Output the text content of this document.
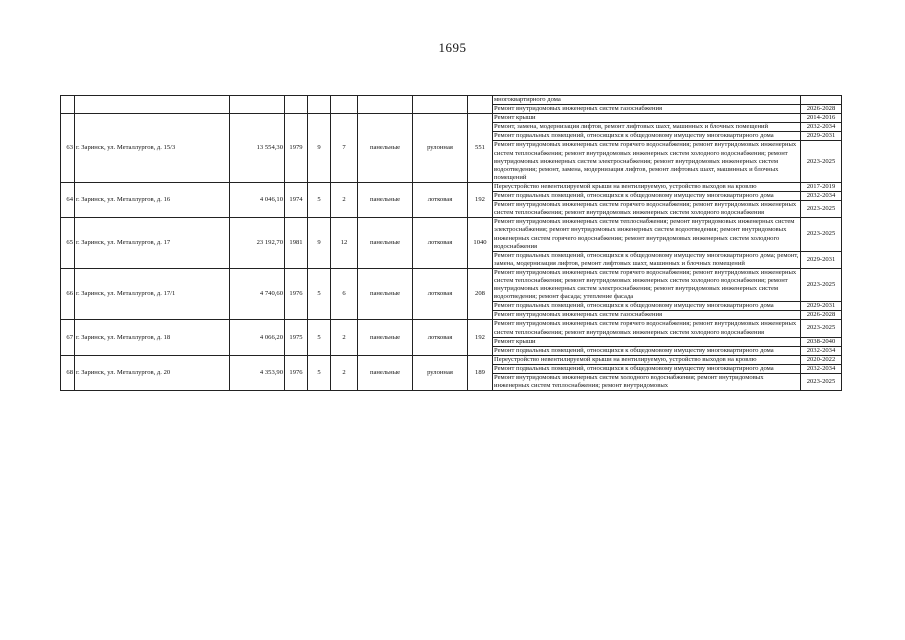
1695
									многоквартирного дома	
									Ремонт внутридомовых инженерных систем газоснабжения	2026-2028
63	г. Заринск, ул. Металлургов, д. 15/3	13 554,30	1979	9	7	панельные	рулонная	551	Ремонт крыши	2014-2016
									Ремонт, замена, модернизация лифтов, ремонт лифтовых шахт, машинных и блочных помещений	2032-2034
									Ремонт подвальных помещений, относящихся к общедомовому имуществу многоквартирного дома	2029-2031
									Ремонт внутридомовых инженерных систем горячего водоснабжения; ремонт внутридомовых инженерных систем теплоснабжения; ремонт внутридомовых инженерных систем холодного водоснабжения; ремонт внутридомовых инженерных систем электроснабжения; ремонт внутридомовых инженерных систем водоотведения; ремонт, замена, модернизация лифтов, ремонт лифтовых шахт, машинных и блочных помещений	2023-2025
64	г. Заринск, ул. Металлургов, д. 16	4 046,10	1974	5	2	панельные	лотковая	192	Переустройство невентилируемой крыши на вентилируемую, устройство выходов на кровлю	2017-2019
									Ремонт подвальных помещений, относящихся к общедомовому имуществу многоквартирного дома	2032-2034
									Ремонт внутридомовых инженерных систем горячего водоснабжения; ремонт внутридомовых инженерных систем теплоснабжения; ремонт внутридомовых инженерных систем холодного водоснабжения	2023-2025
65	г. Заринск, ул. Металлургов, д. 17	23 192,70	1981	9	12	панельные	лотковая	1040	Ремонт внутридомовых инженерных систем теплоснабжения; ремонт внутридомовых инженерных систем электроснабжения; ремонт внутридомовых инженерных систем водоотведения; ремонт внутридомовых инженерных систем горячего водоснабжения; ремонт внутридомовых инженерных систем холодного водоснабжения	2023-2025
									Ремонт подвальных помещений, относящихся к общедомовому имуществу многоквартирного дома; ремонт, замена, модернизация лифтов, ремонт лифтовых шахт, машинных и блочных помещений	2029-2031
66	г. Заринск, ул. Металлургов, д. 17/1	4 740,60	1976	5	6	панельные	лотковая	208	Ремонт внутридомовых инженерных систем горячего водоснабжения; ремонт внутридомовых инженерных систем теплоснабжения; ремонт внутридомовых инженерных систем холодного водоснабжения; ремонт внутридомовых инженерных систем электроснабжения; ремонт внутридомовых инженерных систем водоотведения; ремонт фасада; утепление фасада	2023-2025
									Ремонт подвальных помещений, относящихся к общедомовому имуществу многоквартирного дома	2029-2031
									Ремонт внутридомовых инженерных систем газоснабжения	2026-2028
67	г. Заринск, ул. Металлургов, д. 18	4 066,20	1975	5	2	панельные	лотковая	192	Ремонт внутридомовых инженерных систем горячего водоснабжения; ремонт внутридомовых инженерных систем теплоснабжения; ремонт внутридомовых инженерных систем холодного водоснабжения	2023-2025
									Ремонт крыши	2038-2040
									Ремонт подвальных помещений, относящихся к общедомовому имуществу многоквартирного дома	2032-2034
68	г. Заринск, ул. Металлургов, д. 20	4 353,90	1976	5	2	панельные	рулонная	189	Переустройство невентилируемой крыши на вентилируемую, устройство выходов на кровлю	2020-2022
									Ремонт подвальных помещений, относящихся к общедомовому имуществу многоквартирного дома	2032-2034
									Ремонт внутридомовых инженерных систем холодного водоснабжения; ремонт внутридомовых инженерных систем теплоснабжения; ремонт внутридомовых	2023-2025
